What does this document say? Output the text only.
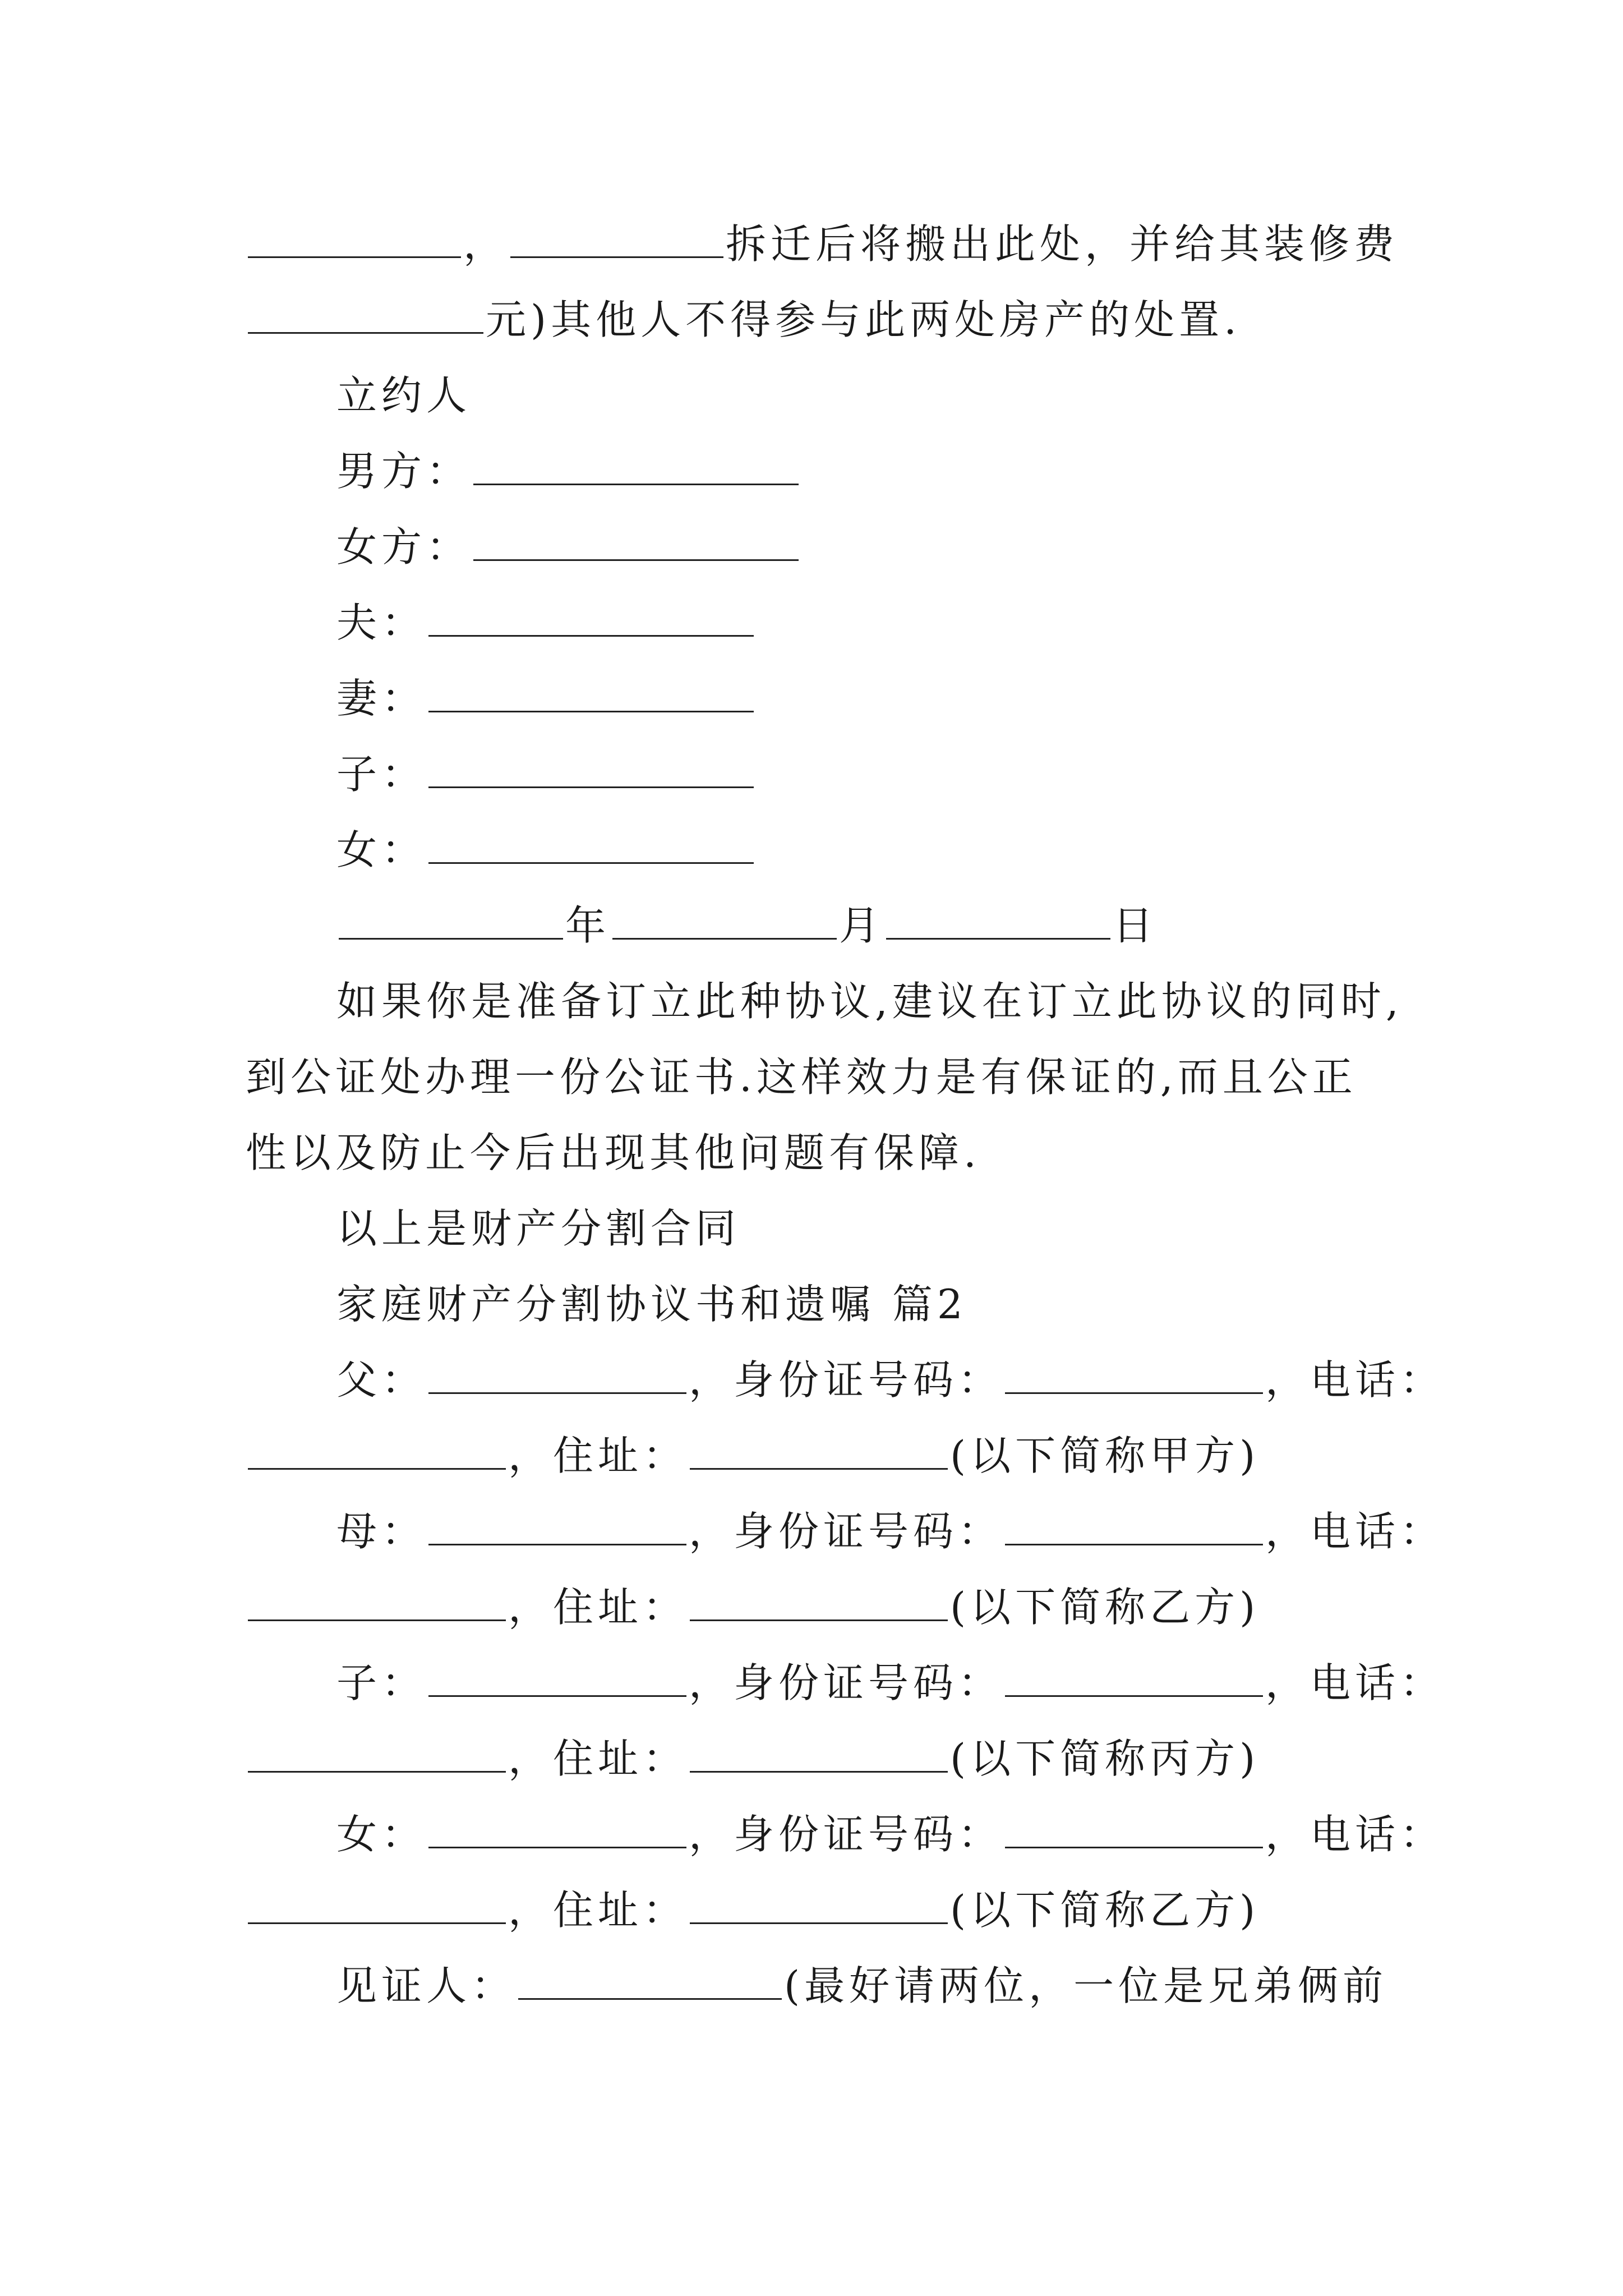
，	拆迁后将搬出此处，并给其装修费
元)其他人不得参与此两处房产的处置.
立约人
男方：
女方：
夫：
妻：
子：
女：
年	月	日
如果你是准备订立此种协议,建议在订立此协议的同时,
到公证处办理一份公证书.这样效力是有保证的,而且公正
性以及防止今后出现其他问题有保障.
以上是财产分割合同
家庭财产分割协议书和遗嘱 篇2
父：	，身份证号码：	，电话：
，住址：	(以下简称甲方)
母：	，身份证号码：	，电话：
，住址：	(以下简称乙方)
子：	，身份证号码：	，电话：
，住址：	(以下简称丙方)
女：	，身份证号码：	，电话：
，住址：	(以下简称乙方)
见证人：	(最好请两位，一位是兄弟俩前
